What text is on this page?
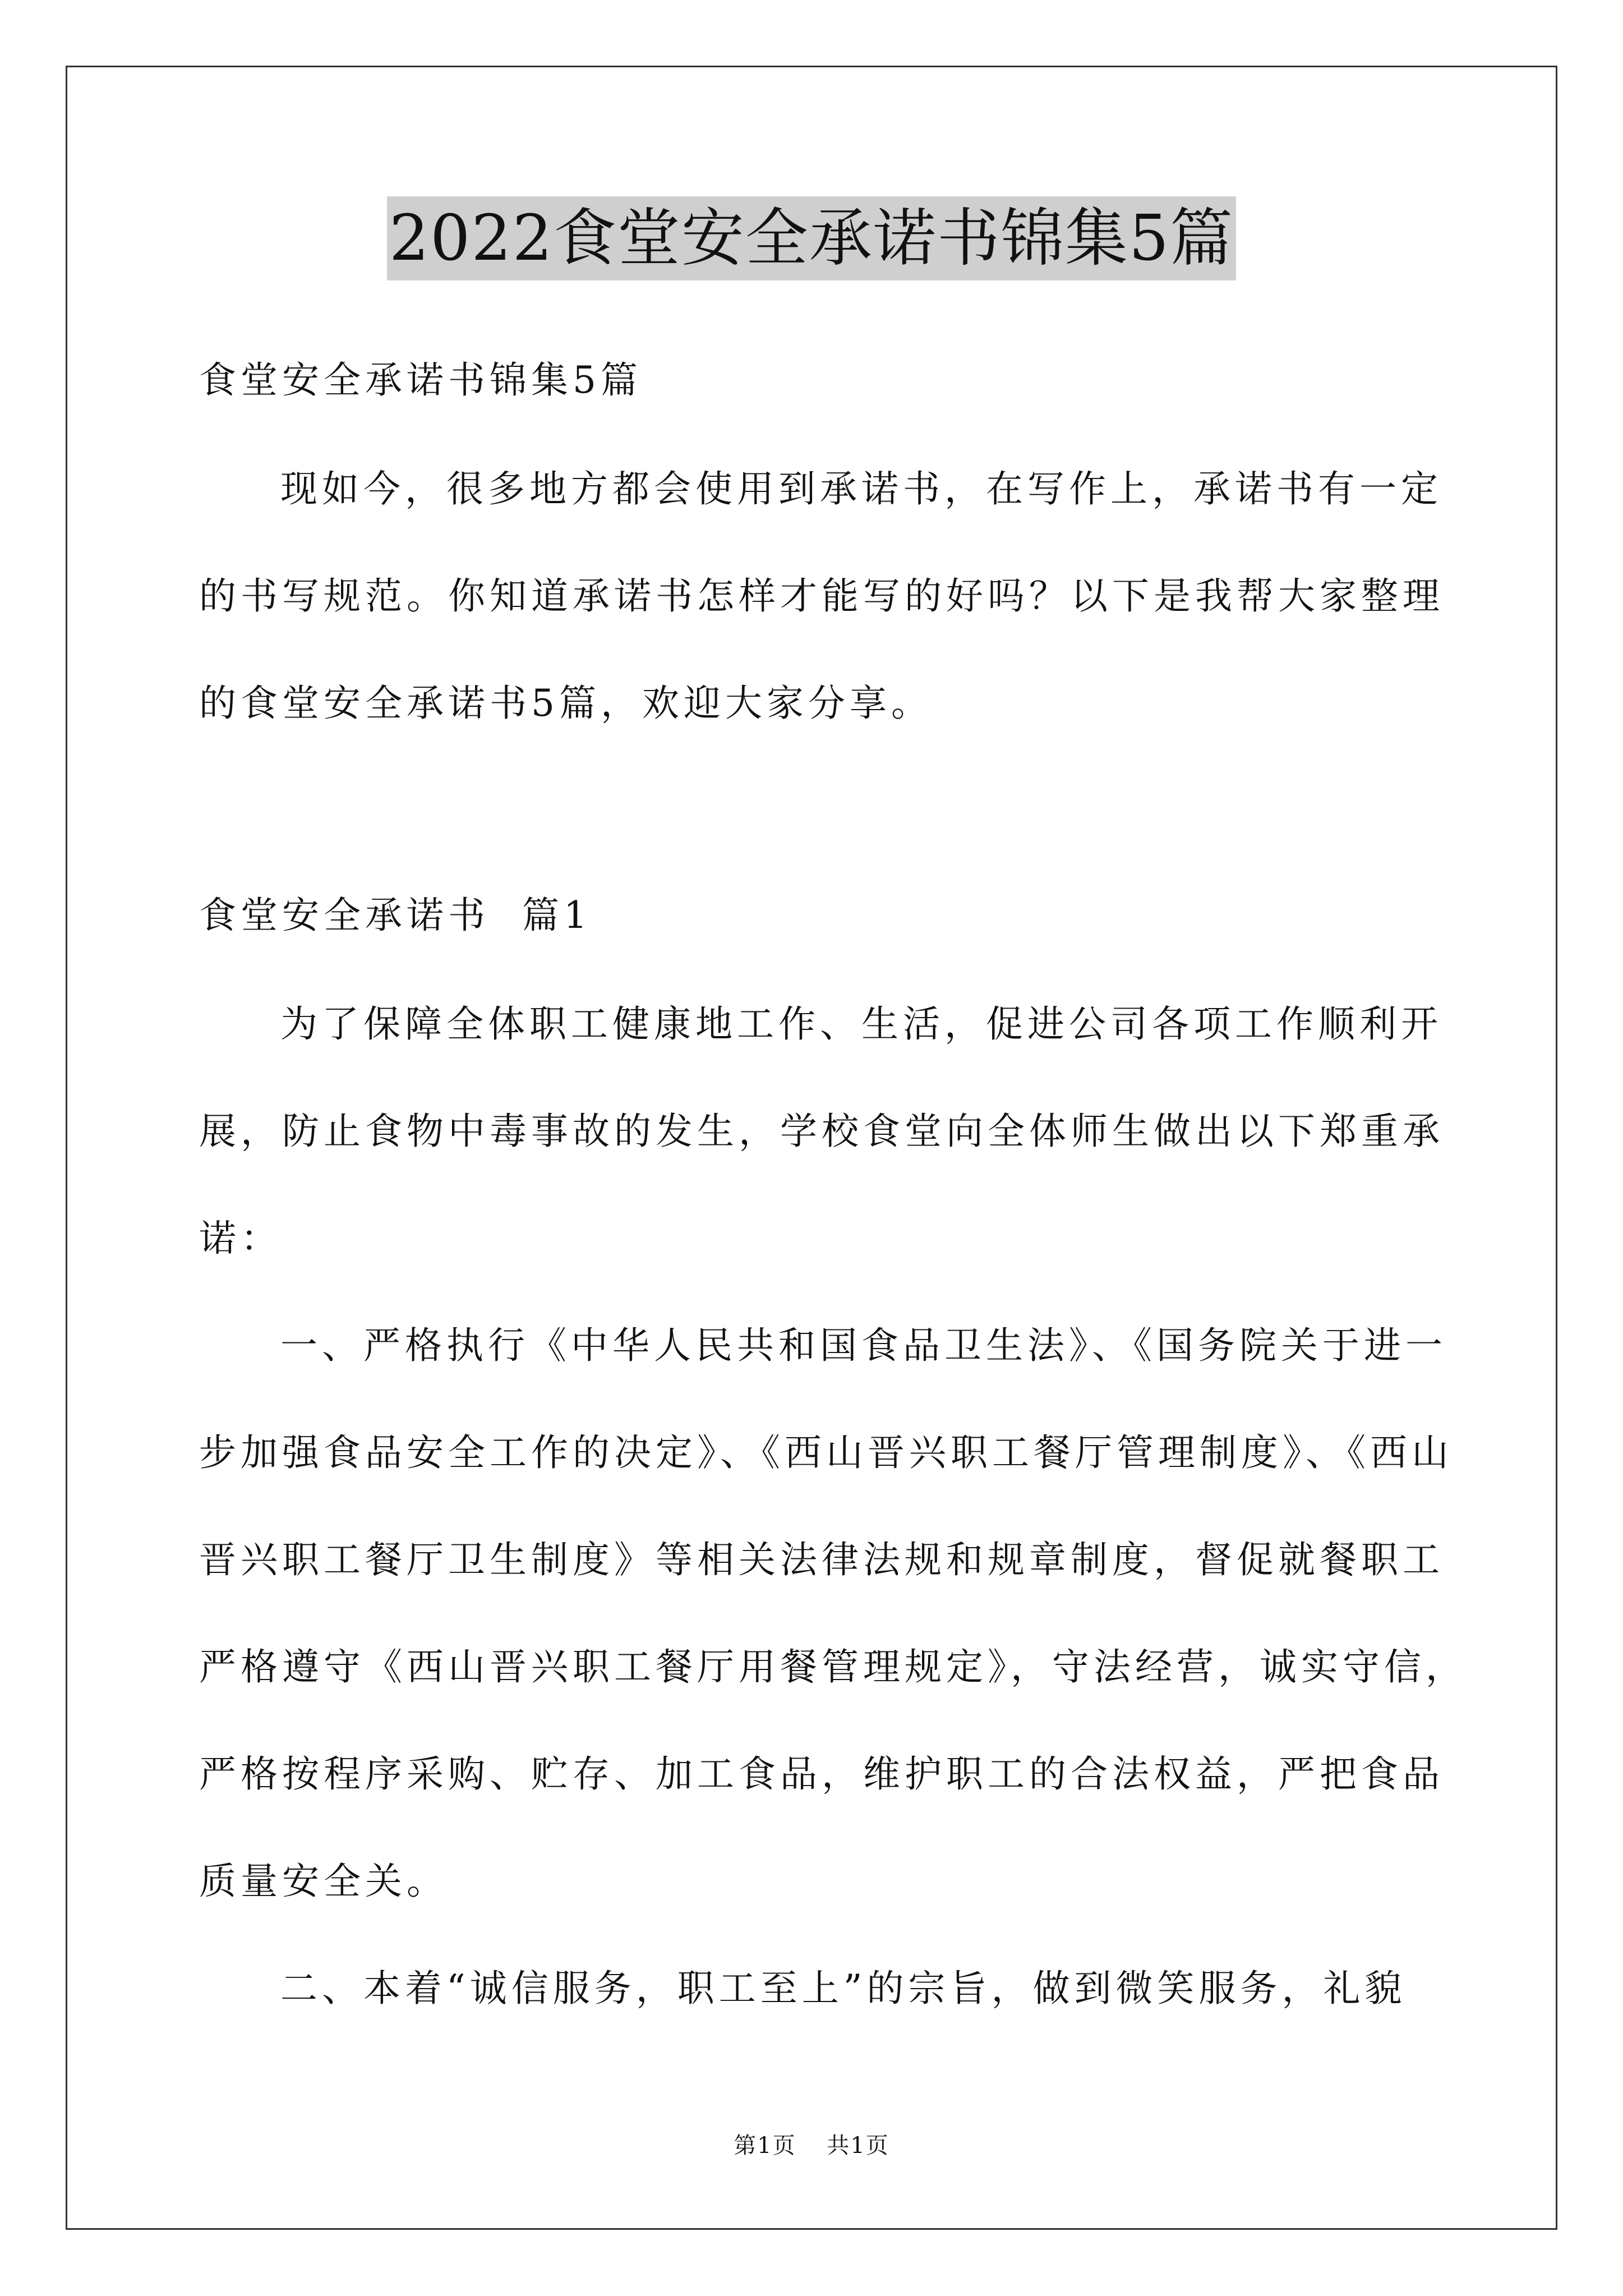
2022食堂安全承诺书锦集5篇
食堂安全承诺书锦集5篇
现如今，很多地方都会使用到承诺书，在写作上，承诺书有一定
的书写规范。你知道承诺书怎样才能写的好吗？以下是我帮大家整理
的食堂安全承诺书5篇，欢迎大家分享。
食堂安全承诺书  篇1
为了保障全体职工健康地工作、生活，促进公司各项工作顺利开
展，防止食物中毒事故的发生，学校食堂向全体师生做出以下郑重承
诺：
一、严格执行《中华人民共和国食品卫生法》、《国务院关于进一
步加强食品安全工作的决定》、《西山晋兴职工餐厅管理制度》、《西山
晋兴职工餐厅卫生制度》等相关法律法规和规章制度，督促就餐职工
严格遵守《西山晋兴职工餐厅用餐管理规定》，守法经营，诚实守信，
严格按程序采购、贮存、加工食品，维护职工的合法权益，严把食品
质量安全关。
二、本着“诚信服务，职工至上”的宗旨，做到微笑服务，礼貌
第1页 共1页
